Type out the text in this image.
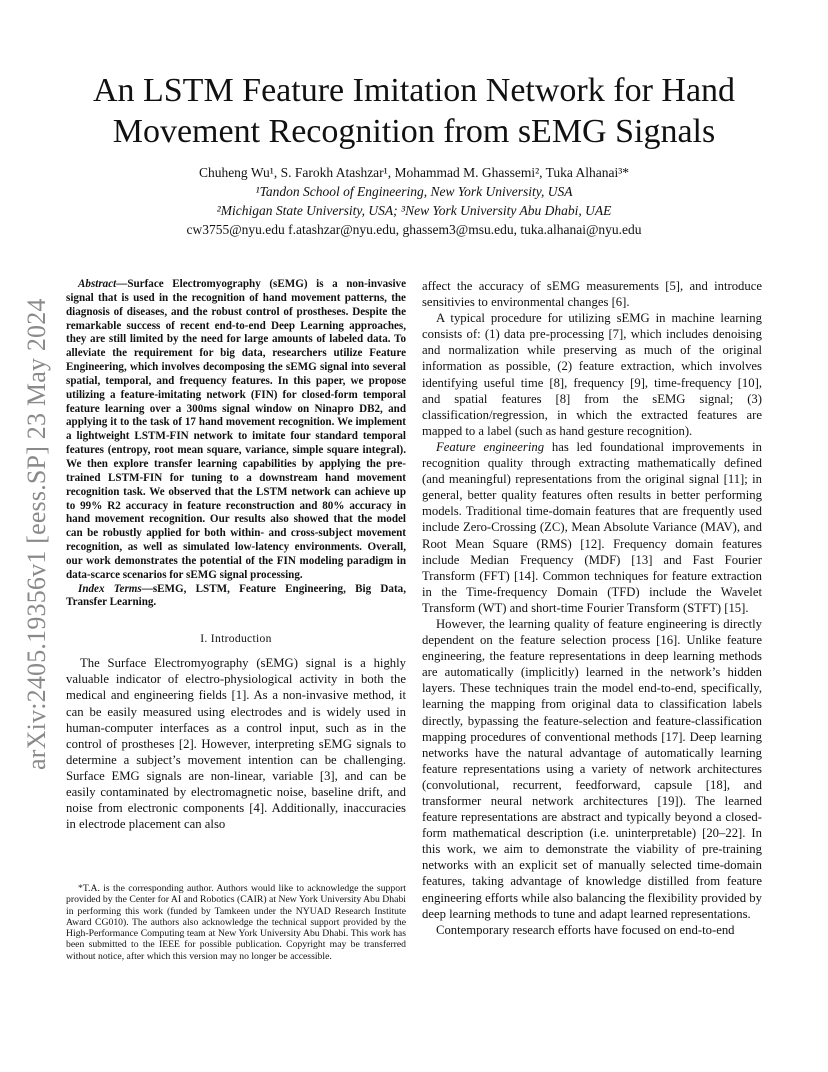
An LSTM Feature Imitation Network for Hand Movement Recognition from sEMG Signals
Chuheng Wu¹, S. Farokh Atashzar¹, Mohammad M. Ghassemi², Tuka Alhanai³*
¹Tandon School of Engineering, New York University, USA
²Michigan State University, USA; ³New York University Abu Dhabi, UAE
cw3755@nyu.edu f.atashzar@nyu.edu, ghassem3@msu.edu, tuka.alhanai@nyu.edu
arXiv:2405.19356v1 [eess.SP] 23 May 2024

Abstract—Surface Electromyography (sEMG) is a non-invasive signal that is used in the recognition of hand movement patterns, the diagnosis of diseases, and the robust control of prostheses. Despite the remarkable success of recent end-to-end Deep Learning approaches, they are still limited by the need for large amounts of labeled data. To alleviate the requirement for big data, researchers utilize Feature Engineering, which involves decomposing the sEMG signal into several spatial, temporal, and frequency features. In this paper, we propose utilizing a feature-imitating network (FIN) for closed-form temporal feature learning over a 300ms signal window on Ninapro DB2, and applying it to the task of 17 hand movement recognition. We implement a lightweight LSTM-FIN network to imitate four standard temporal features (entropy, root mean square, variance, simple square integral). We then explore transfer learning capabilities by applying the pre-trained LSTM-FIN for tuning to a downstream hand movement recognition task. We observed that the LSTM network can achieve up to 99% R2 accuracy in feature reconstruction and 80% accuracy in hand movement recognition. Our results also showed that the model can be robustly applied for both within- and cross-subject movement recognition, as well as simulated low-latency environments. Overall, our work demonstrates the potential of the FIN modeling paradigm in data-scarce scenarios for sEMG signal processing.

Index Terms—sEMG, LSTM, Feature Engineering, Big Data, Transfer Learning.

I. Introduction

The Surface Electromyography (sEMG) signal is a highly valuable indicator of electro-physiological activity in both the medical and engineering fields [1]. As a non-invasive method, it can be easily measured using electrodes and is widely used in human-computer interfaces as a control input, such as in the control of prostheses [2]. However, interpreting sEMG signals to determine a subject’s movement intention can be challenging. Surface EMG signals are non-linear, variable [3], and can be easily contaminated by electromagnetic noise, baseline drift, and noise from electronic components [4]. Additionally, inaccuracies in electrode placement can also

*T.A. is the corresponding author. Authors would like to acknowledge the support provided by the Center for AI and Robotics (CAIR) at New York University Abu Dhabi in performing this work (funded by Tamkeen under the NYUAD Research Institute Award CG010). The authors also acknowledge the technical support provided by the High-Performance Computing team at New York University Abu Dhabi. This work has been submitted to the IEEE for possible publication. Copyright may be transferred without notice, after which this version may no longer be accessible.

affect the accuracy of sEMG measurements [5], and introduce sensitivies to environmental changes [6].

A typical procedure for utilizing sEMG in machine learning consists of: (1) data pre-processing [7], which includes denoising and normalization while preserving as much of the original information as possible, (2) feature extraction, which involves identifying useful time [8], frequency [9], time-frequency [10], and spatial features [8] from the sEMG signal; (3) classification/regression, in which the extracted features are mapped to a label (such as hand gesture recognition).

Feature engineering has led foundational improvements in recognition quality through extracting mathematically defined (and meaningful) representations from the original signal [11]; in general, better quality features often results in better performing models. Traditional time-domain features that are frequently used include Zero-Crossing (ZC), Mean Absolute Variance (MAV), and Root Mean Square (RMS) [12]. Frequency domain features include Median Frequency (MDF) [13] and Fast Fourier Transform (FFT) [14]. Common techniques for feature extraction in the Time-frequency Domain (TFD) include the Wavelet Transform (WT) and short-time Fourier Transform (STFT) [15].

However, the learning quality of feature engineering is directly dependent on the feature selection process [16]. Unlike feature engineering, the feature representations in deep learning methods are automatically (implicitly) learned in the network’s hidden layers. These techniques train the model end-to-end, specifically, learning the mapping from original data to classification labels directly, bypassing the feature-selection and feature-classification mapping procedures of conventional methods [17]. Deep learning networks have the natural advantage of automatically learning feature representations using a variety of network architectures (convolutional, recurrent, feedforward, capsule [18], and transformer neural network architectures [19]). The learned feature representations are abstract and typically beyond a closed-form mathematical description (i.e. uninterpretable) [20–22]. In this work, we aim to demonstrate the viability of pre-training networks with an explicit set of manually selected time-domain features, taking advantage of knowledge distilled from feature engineering efforts while also balancing the flexibility provided by deep learning methods to tune and adapt learned representations.

Contemporary research efforts have focused on end-to-end
